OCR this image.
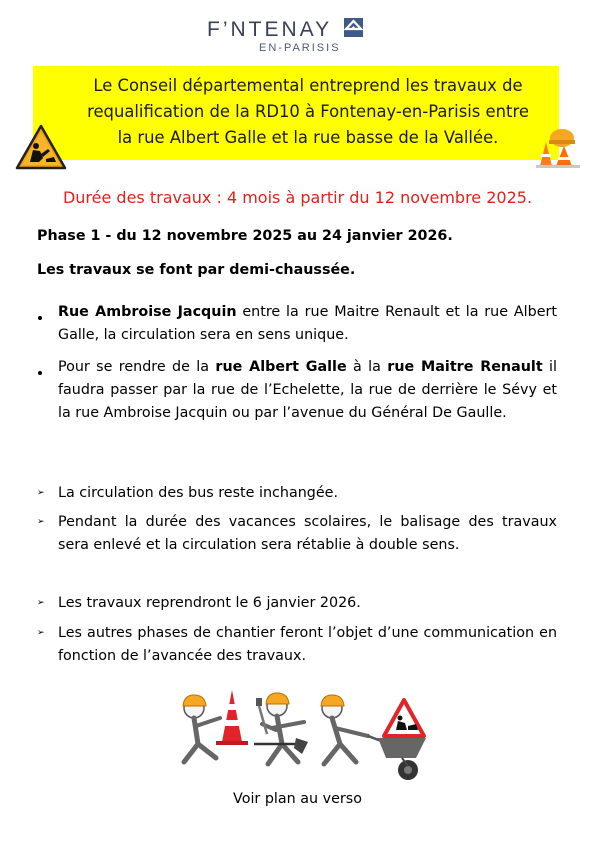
F’NTENAY
EN-PARISIS
Le Conseil départemental entreprend les travaux de
requalification de la RD10 à Fontenay-en-Parisis entre
la rue Albert Galle et la rue basse de la Vallée.
Durée des travaux : 4 mois à partir du 12 novembre 2025.
Phase 1 - du 12 novembre 2025 au 24 janvier 2026.
Les travaux se font par demi-chaussée.
Rue Ambroise Jacquin entre la rue Maitre Renault et la rue Albert Galle, la circulation sera en sens unique.
Pour se rendre de la rue Albert Galle à la rue Maitre Renault il faudra passer par la rue de l’Echelette, la rue de derrière le Sévy et la rue Ambroise Jacquin ou par l’avenue du Général De Gaulle.
➢ La circulation des bus reste inchangée.
➢ Pendant la durée des vacances scolaires, le balisage des travaux sera enlevé et la circulation sera rétablie à double sens.
➢ Les travaux reprendront le 6 janvier 2026.
➢ Les autres phases de chantier feront l’objet d’une communication en fonction de l’avancée des travaux.
Voir plan au verso
